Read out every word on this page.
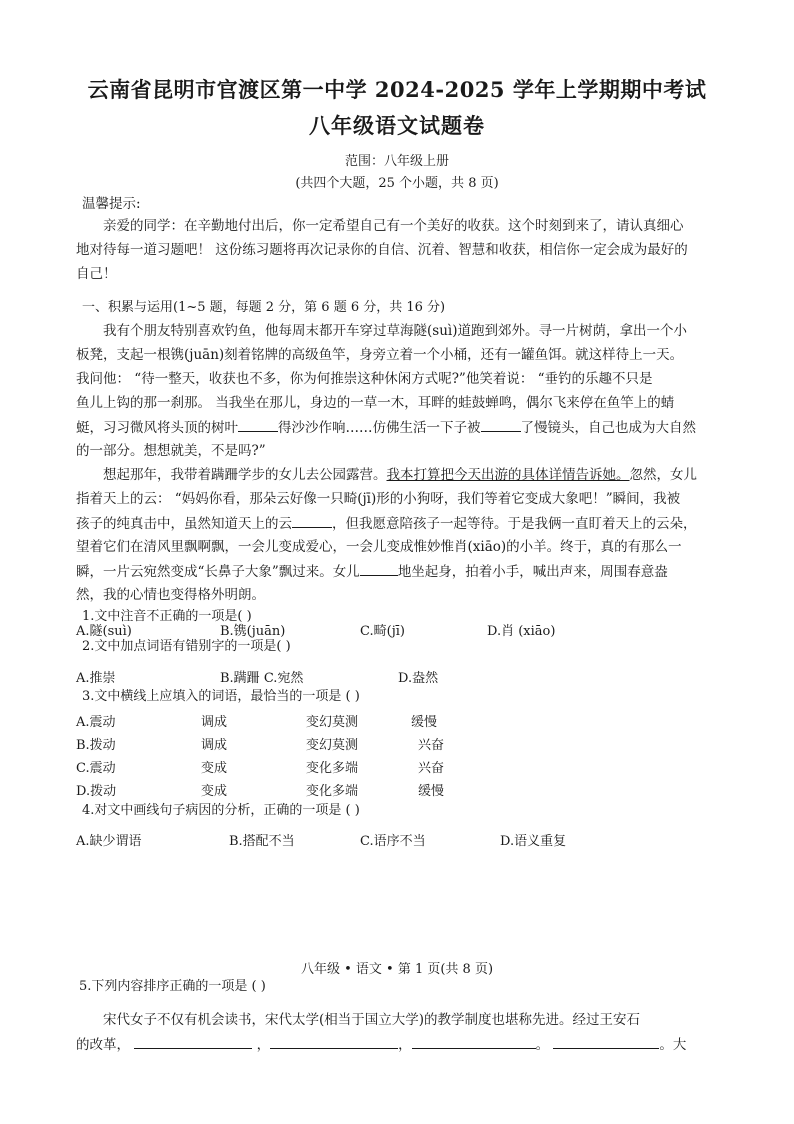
云南省昆明市官渡区第一中学 2024-2025 学年上学期期中考试
八年级语文试题卷
范围：八年级上册
(共四个大题，25 个小题，共 8 页)
温馨提示:
亲爱的同学：在辛勤地付出后，你一定希望自己有一个美好的收获。这个时刻到来了，请认真细心
地对待每一道习题吧！ 这份练习题将再次记录你的自信、沉着、智慧和收获，相信你一定会成为最好的
自己！
一、积累与运用(1~5 题，每题 2 分，第 6 题 6 分，共 16 分)
我有个朋友特别喜欢钓鱼，他每周末都开车穿过草海隧(suì)道跑到郊外。寻一片树荫，拿出一个小
板凳，支起一根镌(juān)刻着铭牌的高级鱼竿，身旁立着一个小桶，还有一罐鱼饵。就这样待上一天。
我问他： “待一整天，收获也不多，你为何推崇这种休闲方式呢?”他笑着说： “垂钓的乐趣不只是
鱼儿上钩的那一刹那。 当我坐在那儿，身边的一草一木，耳畔的蛙鼓蝉鸣，偶尔飞来停在鱼竿上的蜻
蜓，习习微风将头顶的树叶	得沙沙作响……仿佛生活一下子被	了慢镜头，自己也成为大自然
的一部分。想想就美，不是吗?”
想起那年，我带着蹒跚学步的女儿去公园露营。我本打算把今天出游的具体详情告诉她。忽然，女儿
指着天上的云： “妈妈你看，那朵云好像一只畸(jī)形的小狗呀，我们等着它变成大象吧！”瞬间，我被
孩子的纯真击中，虽然知道天上的云	，但我愿意陪孩子一起等待。于是我俩一直盯着天上的云朵，
望着它们在清风里飘啊飘，一会儿变成爱心，一会儿变成惟妙惟肖(xiāo)的小羊。终于，真的有那么一
瞬，一片云宛然变成“长鼻子大象”飘过来。女儿	地坐起身，拍着小手，喊出声来，周围春意盎
然，我的心情也变得格外明朗。
1.文中注音不正确的一项是( )
A.隧(suì)	B.镌(juān)	C.畸(jī)	D.肖 (xiāo)
2.文中加点词语有错别字的一项是( )
A.推崇	B.蹒跚 C.宛然	D.盎然
3.文中横线上应填入的词语，最恰当的一项是 ( )
A.震动	调成	变幻莫测	缓慢
B.拨动	调成	变幻莫测	兴奋
C.震动	变成	变化多端	兴奋
D.拨动	变成	变化多端	缓慢
4.对文中画线句子病因的分析，正确的一项是 ( )
A.缺少谓语	B.搭配不当	C.语序不当	D.语义重复
八年级 • 语文 • 第 1 页(共 8 页)
5.下列内容排序正确的一项是 ( )
宋代女子不仅有机会读书，宋代太学(相当于国立大学)的教学制度也堪称先进。经过王安石
的改革，	，	，	。	。大
